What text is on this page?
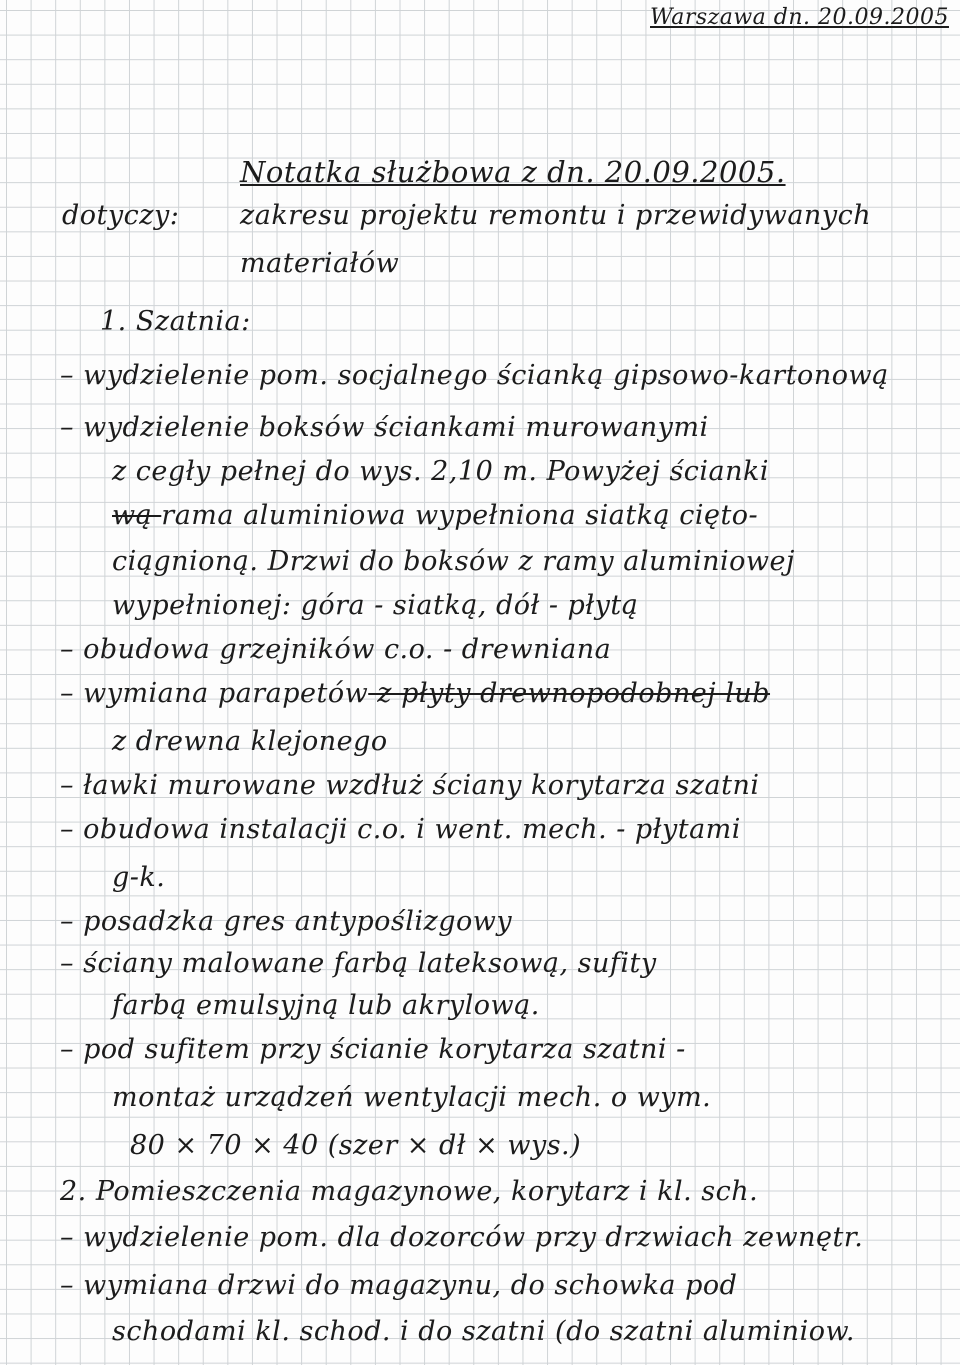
Warszawa dn. 20.09.2005
Notatka służbowa z dn. 20.09.2005.
dotyczy: zakresu projektu remontu i przewidywanych
materiałów
1. Szatnia:
– wydzielenie pom. socjalnego ścianką gipsowo-kartonową
– wydzielenie boksów ściankami murowanymi
z cegły pełnej do wys. 2,10 m. Powyżej ścianki
wą rama aluminiowa wypełniona siatką cięto-
ciągnioną. Drzwi do boksów z ramy aluminiowej
wypełnionej: góra - siatką, dół - płytą
– obudowa grzejników c.o. - drewniana
– wymiana parapetów z płyty drewnopodobnej lub
z drewna klejonego
– ławki murowane wzdłuż ściany korytarza szatni
– obudowa instalacji c.o. i went. mech. - płytami
g-k.
– posadzka gres antypoślizgowy
– ściany malowane farbą lateksową, sufity
farbą emulsyjną lub akrylową.
– pod sufitem przy ścianie korytarza szatni -
montaż urządzeń wentylacji mech. o wym.
80 × 70 × 40 (szer × dł × wys.)
2. Pomieszczenia magazynowe, korytarz i kl. sch.
– wydzielenie pom. dla dozorców przy drzwiach zewnętr.
– wymiana drzwi do magazynu, do schowka pod
schodami kl. schod. i do szatni (do szatni aluminiow.
